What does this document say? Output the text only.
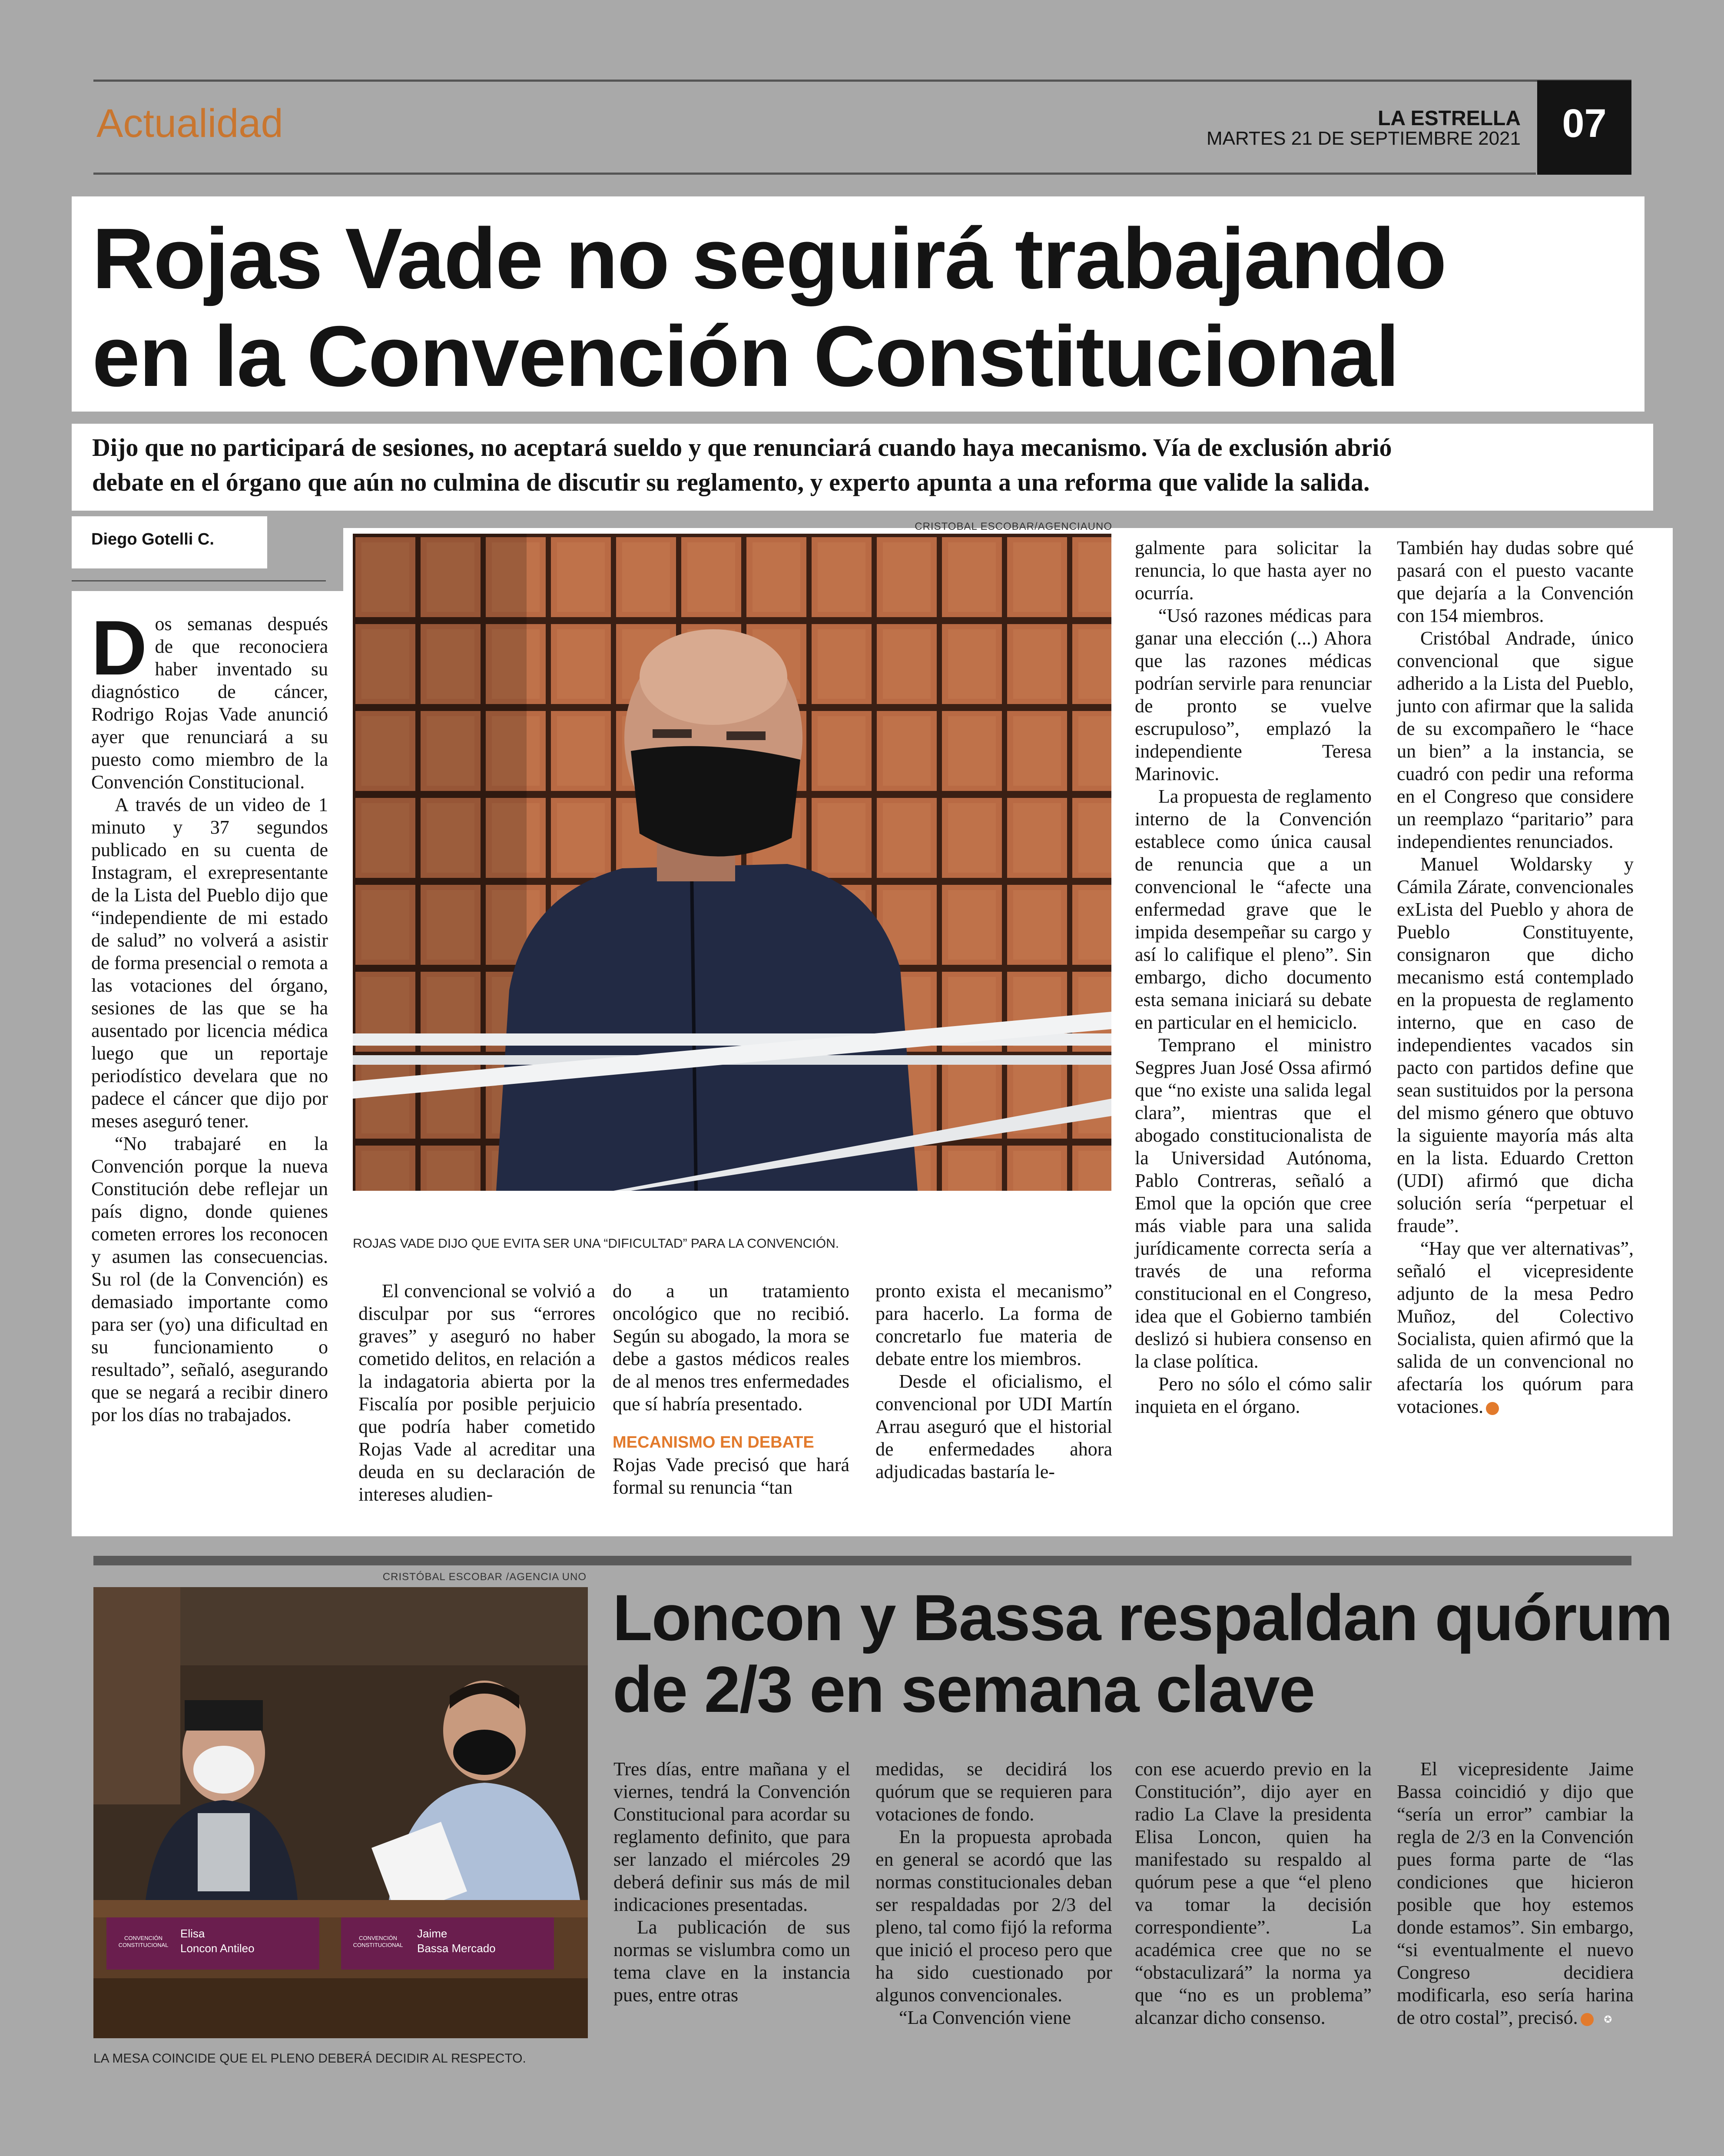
Actualidad	LA ESTRELLA
MARTES 21 DE SEPTIEMBRE 2021	07
Rojas Vade no seguirá trabajando
en la Convención Constitucional
Dijo que no participará de sesiones, no aceptará sueldo y que renunciará cuando haya mecanismo. Vía de exclusión abrió
debate en el órgano que aún no culmina de discutir su reglamento, y experto apunta a una reforma que valide la salida.
Diego Gotelli C.
CRISTOBAL ESCOBAR/AGENCIAUNO
ROJAS VADE DIJO QUE EVITA SER UNA “DIFICULTAD” PARA LA CONVENCIÓN.

Dos semanas después de que reconociera haber inventado su diagnóstico de cáncer, Rodrigo Rojas Vade anunció ayer que renunciará a su puesto como miembro de la Convención Constitucional.

A través de un video de 1 minuto y 37 segundos publicado en su cuenta de Instagram, el exrepresentante de la Lista del Pueblo dijo que “independiente de mi estado de salud” no volverá a asistir de forma presencial o remota a las votaciones del órgano, sesiones de las que se ha ausentado por licencia médica luego que un reportaje periodístico develara que no padece el cáncer que dijo por meses aseguró tener.

“No trabajaré en la Convención porque la nueva Constitución debe reflejar un país digno, donde quienes cometen errores los reconocen y asumen las consecuencias. Su rol (de la Convención) es demasiado importante como para ser (yo) una dificultad en su funcionamiento o resultado”, señaló, asegurando que se negará a recibir dinero por los días no trabajados.

El convencional se volvió a disculpar por sus “errores graves” y aseguró no haber cometido delitos, en relación a la indagatoria abierta por la Fiscalía por posible perjuicio que podría haber cometido Rojas Vade al acreditar una deuda en su declaración de intereses aludien-

do a un tratamiento oncológico que no recibió. Según su abogado, la mora se debe a gastos médicos reales de al menos tres enfermedades que sí habría presentado.

MECANISMO EN DEBATE

Rojas Vade precisó que hará formal su renuncia “tan

pronto exista el mecanismo” para hacerlo. La forma de concretarlo fue materia de debate entre los miembros.

Desde el oficialismo, el convencional por UDI Martín Arrau aseguró que el historial de enfermedades ahora adjudicadas bastaría le-

galmente para solicitar la renuncia, lo que hasta ayer no ocurría.

“Usó razones médicas para ganar una elección (...) Ahora que las razones médicas podrían servirle para renunciar de pronto se vuelve escrupuloso”, emplazó la independiente Teresa Marinovic.

La propuesta de reglamento interno de la Convención establece como única causal de renuncia que a un convencional le “afecte una enfermedad grave que le impida desempeñar su cargo y así lo califique el pleno”. Sin embargo, dicho documento esta semana iniciará su debate en particular en el hemiciclo.

Temprano el ministro Segpres Juan José Ossa afirmó que “no existe una salida legal clara”, mientras que el abogado constitucionalista de la Universidad Autónoma, Pablo Contreras, señaló a Emol que la opción que cree más viable para una salida jurídicamente correcta sería a través de una reforma constitucional en el Congreso, idea que el Gobierno también deslizó si hubiera consenso en la clase política.

Pero no sólo el cómo salir inquieta en el órgano.

También hay dudas sobre qué pasará con el puesto vacante que dejaría a la Convención con 154 miembros.

Cristóbal Andrade, único convencional que sigue adherido a la Lista del Pueblo, junto con afirmar que la salida de su excompañero le “hace un bien” a la instancia, se cuadró con pedir una reforma en el Congreso que considere un reemplazo “paritario” para independientes renunciados.

Manuel Woldarsky y Cámila Zárate, convencionales exLista del Pueblo y ahora de Pueblo Constituyente, consignaron que dicho mecanismo está contemplado en la propuesta de reglamento interno, que en caso de independientes vacados sin pacto con partidos define que sean sustituidos por la persona del mismo género que obtuvo la siguiente mayoría más alta en la lista. Eduardo Cretton (UDI) afirmó que dicha solución sería “perpetuar el fraude”.

“Hay que ver alternativas”, señaló el vicepresidente adjunto de la mesa Pedro Muñoz, del Colectivo Socialista, quien afirmó que la salida de un convencional no afectaría los quórum para votaciones.	✪

CRISTÓBAL ESCOBAR /AGENCIA UNO
CONVENCIÓN CONSTITUCIONAL
Elisa
Loncon Antileo
CONVENCIÓN CONSTITUCIONAL
Jaime
Bassa Mercado
LA MESA COINCIDE QUE EL PLENO DEBERÁ DECIDIR AL RESPECTO.
Loncon y Bassa respaldan quórum
de 2/3 en semana clave

Tres días, entre mañana y el viernes, tendrá la Convención Constitucional para acordar su reglamento definito, que para ser lanzado el miércoles 29 deberá definir sus más de mil indicaciones presentadas.

La publicación de sus normas se vislumbra como un tema clave en la instancia pues, entre otras

medidas, se decidirá los quórum que se requieren para votaciones de fondo.

En la propuesta aprobada en general se acordó que las normas constitucionales deban ser respaldadas por 2/3 del pleno, tal como fijó la reforma que inició el proceso pero que ha sido cuestionado por algunos convencionales.

“La Convención viene

con ese acuerdo previo en la Constitución”, dijo ayer en radio La Clave la presidenta Elisa Loncon, quien ha manifestado su respaldo al quórum pese a que “el pleno va tomar la decisión correspondiente”. La académica cree que no se “obstaculizará” la norma ya que “no es un problema” alcanzar dicho consenso.

El vicepresidente Jaime Bassa coincidió y dijo que “sería un error” cambiar la regla de 2/3 en la Convención pues forma parte de “las condiciones que hicieron posible que hoy estemos donde estamos”. Sin embargo, “si eventualmente el nuevo Congreso decidiera modificarla, eso sería harina de otro costal”, precisó.	✪
